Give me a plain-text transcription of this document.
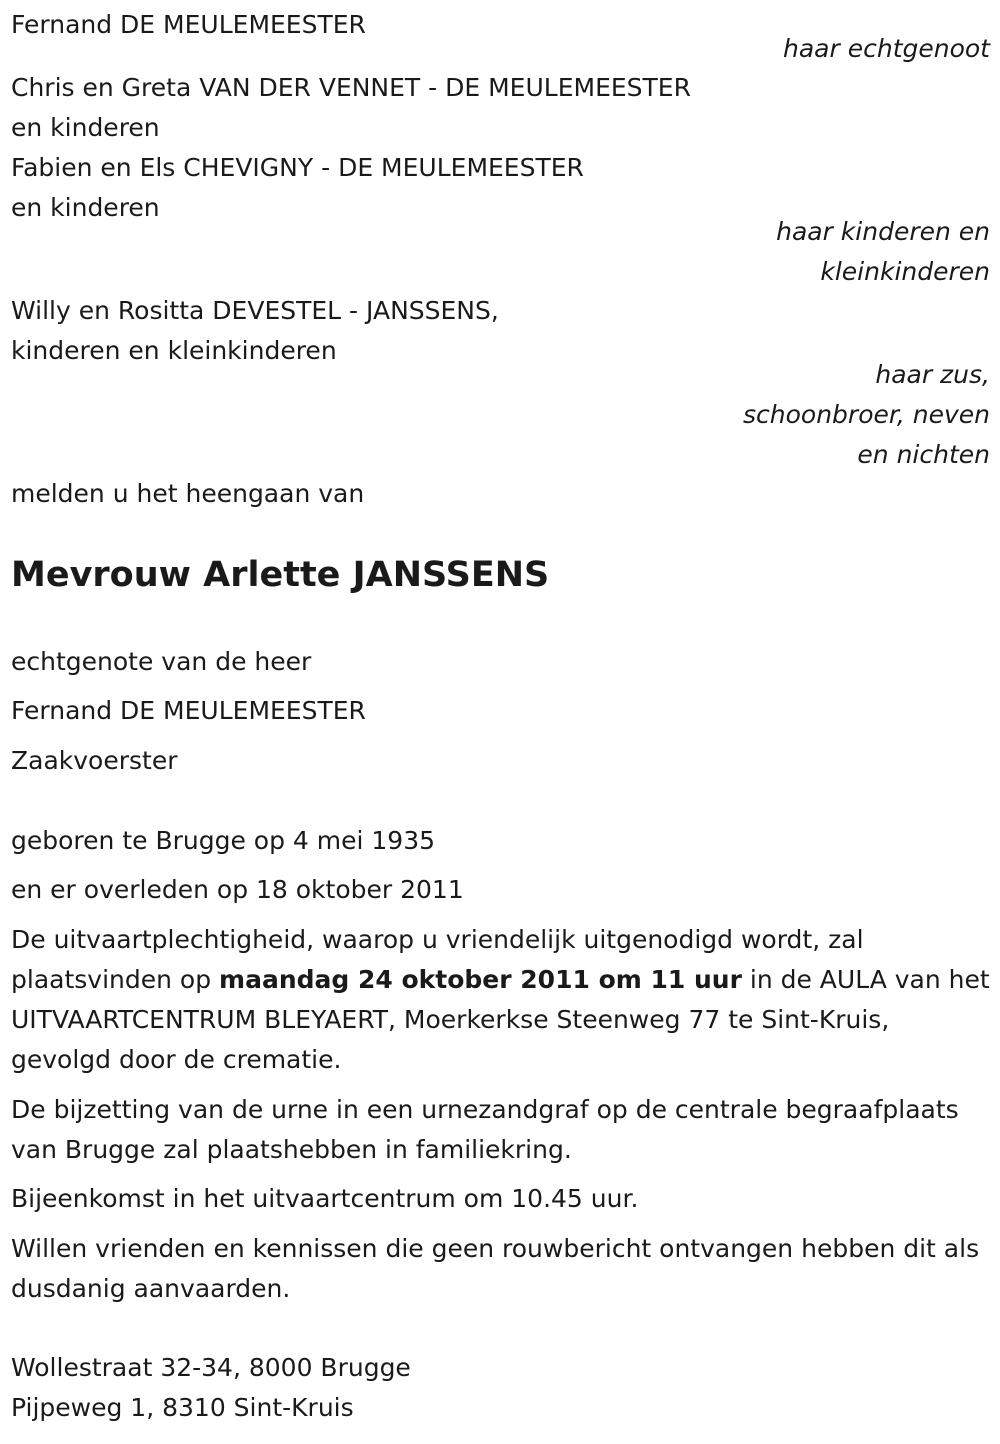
Fernand DE MEULEMEESTER
haar echtgenoot
Chris en Greta VAN DER VENNET - DE MEULEMEESTER
en kinderen
Fabien en Els CHEVIGNY - DE MEULEMEESTER
en kinderen
haar kinderen en
kleinkinderen
Willy en Rositta DEVESTEL - JANSSENS,
kinderen en kleinkinderen
haar zus,
schoonbroer, neven
en nichten
melden u het heengaan van
Mevrouw Arlette JANSSENS
echtgenote van de heer
Fernand DE MEULEMEESTER
Zaakvoerster
geboren te Brugge op 4 mei 1935
en er overleden op 18 oktober 2011
De uitvaartplechtigheid, waarop u vriendelijk uitgenodigd wordt, zal plaatsvinden op maandag 24 oktober 2011 om 11 uur in de AULA van het UITVAARTCENTRUM BLEYAERT, Moerkerkse Steenweg 77 te Sint-Kruis, gevolgd door de crematie.
De bijzetting van de urne in een urnezandgraf op de centrale begraafplaats van Brugge zal plaatshebben in familiekring.
Bijeenkomst in het uitvaartcentrum om 10.45 uur.
Willen vrienden en kennissen die geen rouwbericht ontvangen hebben dit als dusdanig aanvaarden.
Wollestraat 32-34, 8000 Brugge
Pijpeweg 1, 8310 Sint-Kruis
